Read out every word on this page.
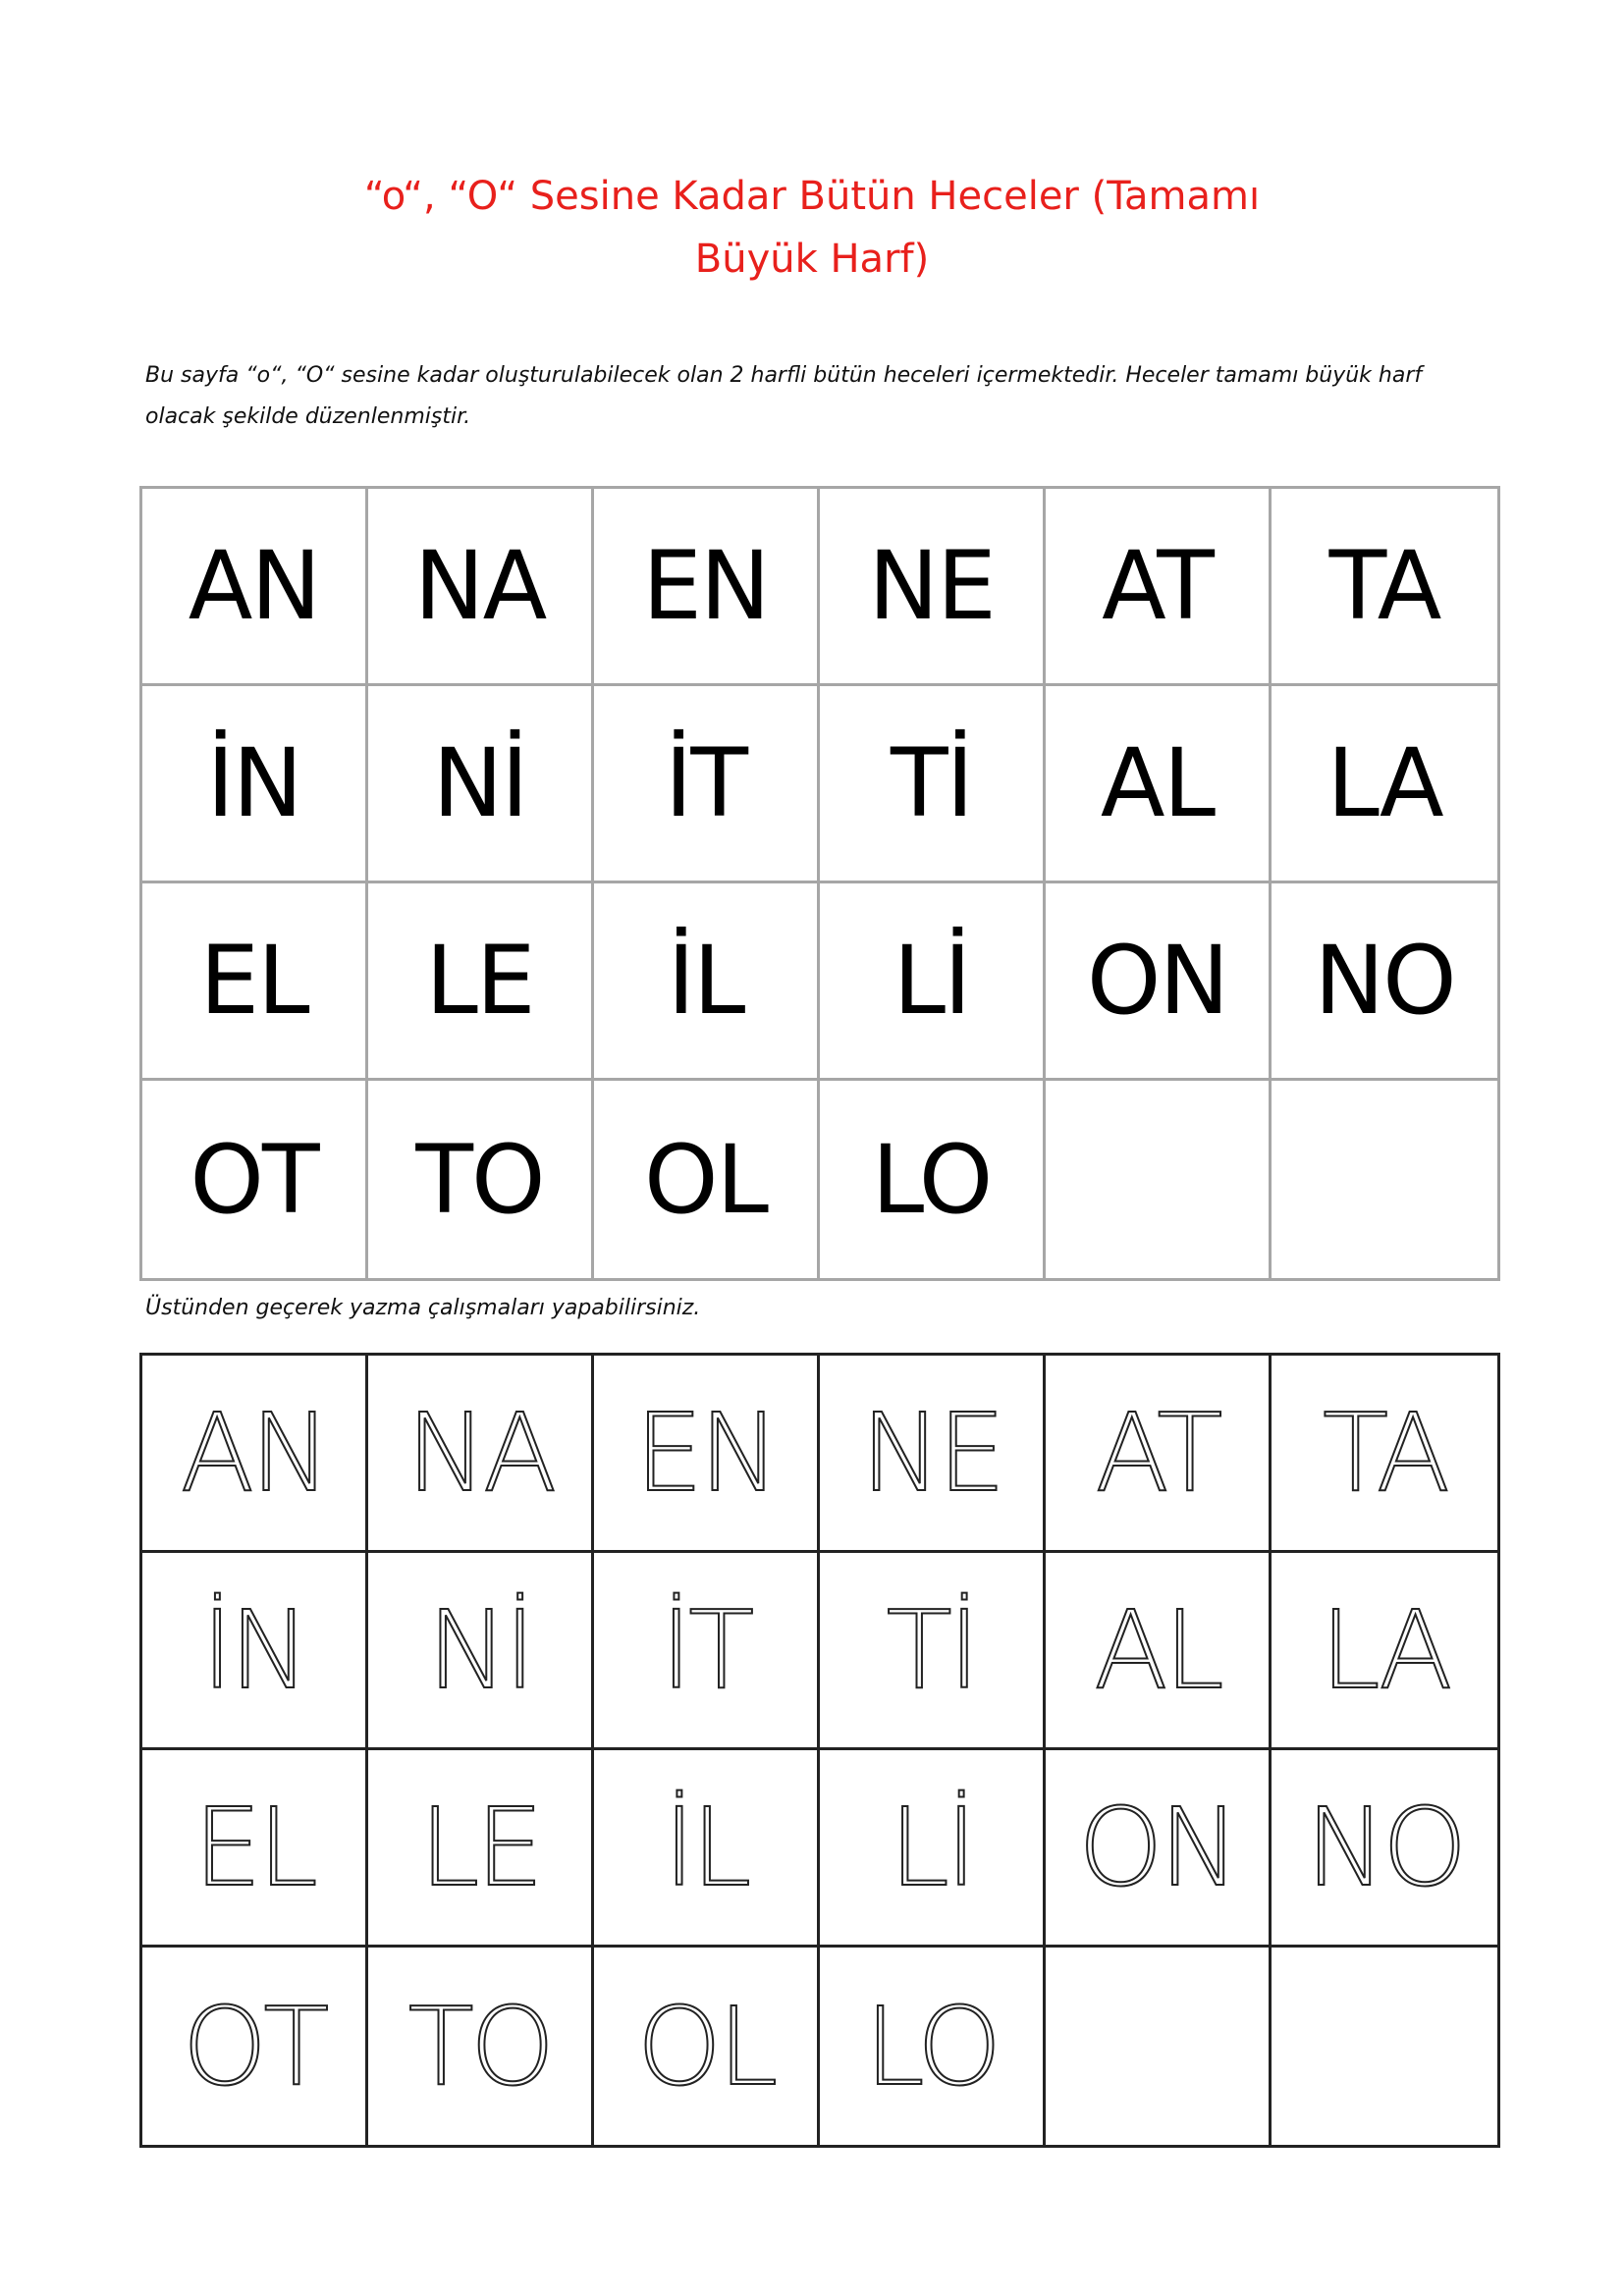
“o“, “O“ Sesine Kadar Bütün Heceler (Tamamı
Büyük Harf)

Bu sayfa “o“, “O“ sesine kadar oluşturulabilecek olan 2 harfli bütün heceleri içermektedir. Heceler tamamı büyük harf olacak şekilde düzenlenmiştir.

AN NA EN NE AT TA
İN Nİ İT Tİ AL LA
EL LE İL Lİ ON NO
OT TO OL LO

Üstünden geçerek yazma çalışmaları yapabilirsiniz.

AN NA EN NE AT TA
İN Nİ İT Tİ AL LA
EL LE İL Lİ ON NO
OT TO OL LO
